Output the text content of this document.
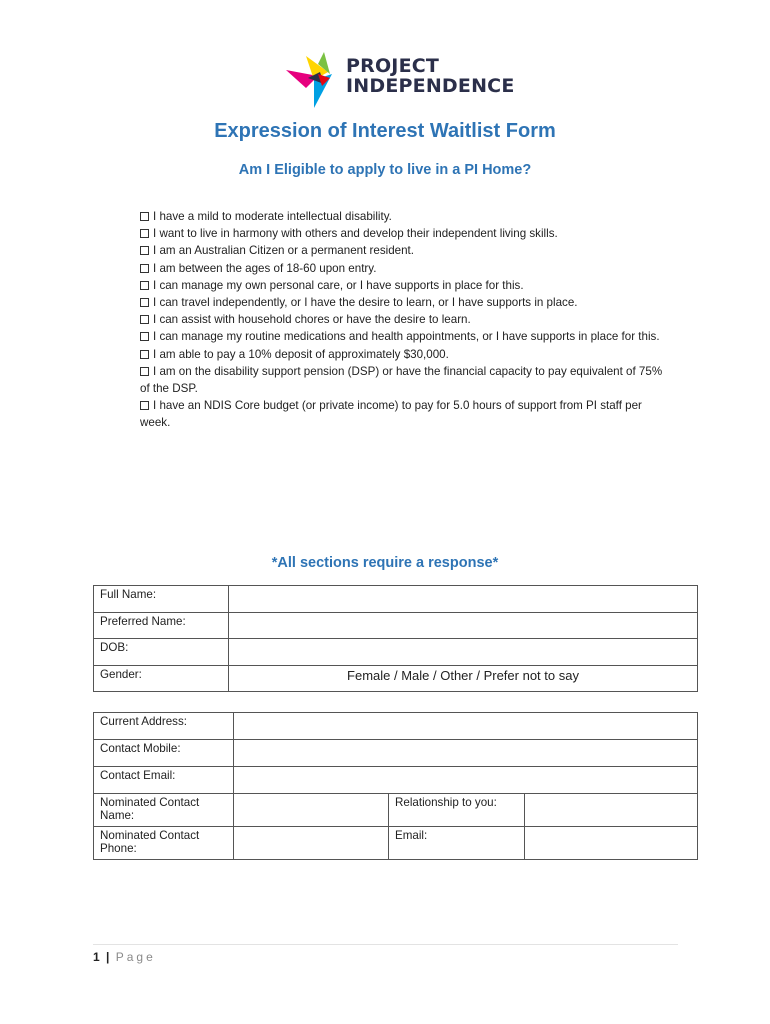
PROJECT
INDEPENDENCE
Expression of Interest Waitlist Form
Am I Eligible to apply to live in a PI Home?

I have a mild to moderate intellectual disability.

I want to live in harmony with others and develop their independent living skills.

I am an Australian Citizen or a permanent resident.

I am between the ages of 18-60 upon entry.

I can manage my own personal care, or I have supports in place for this.

I can travel independently, or I have the desire to learn, or I have supports in place.

I can assist with household chores or have the desire to learn.

I can manage my routine medications and health appointments, or I have supports in place for this.

I am able to pay a 10% deposit of approximately $30,000.

I am on the disability support pension (DSP) or have the financial capacity to pay equivalent of 75% of the DSP.

I have an NDIS Core budget (or private income) to pay for 5.0 hours of support from PI staff per week.

*All sections require a response*
Full Name:	
Preferred Name:	
DOB:	
Gender:	Female / Male / Other / Prefer not to say
Current Address:			
Contact Mobile:			
Contact Email:			
Nominated Contact Name:		Relationship to you:	
Nominated Contact Phone:		Email:	
1 | Page
